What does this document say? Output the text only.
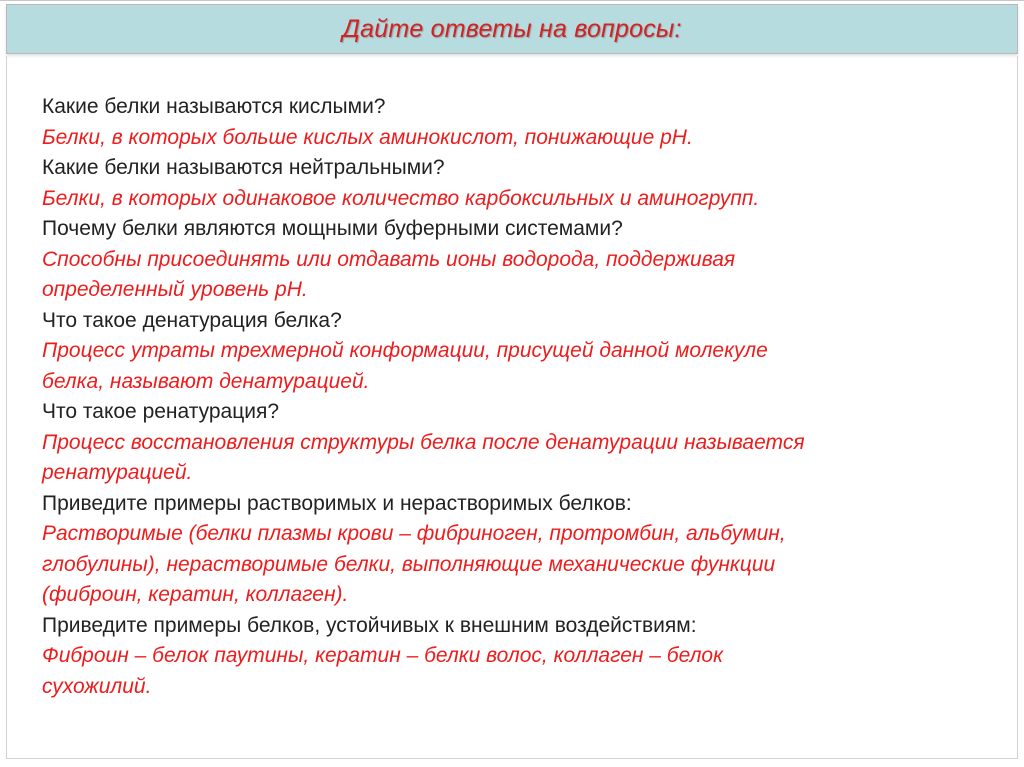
Дайте ответы на вопросы:

Какие белки называются кислыми?

Белки, в которых больше кислых аминокислот, понижающие рН.

Какие белки называются нейтральными?

Белки, в которых одинаковое количество карбоксильных и аминогрупп.

Почему белки являются мощными буферными системами?

Способны присоединять или отдавать ионы водорода, поддерживая

определенный уровень рН.

Что такое денатурация белка?

Процесс утраты трехмерной конформации, присущей данной молекуле

белка, называют денатурацией.

Что такое ренатурация?

Процесс восстановления структуры белка после денатурации называется

ренатурацией.

Приведите примеры растворимых и нерастворимых белков:

Растворимые (белки плазмы крови – фибриноген, протромбин, альбумин,

глобулины), нерастворимые белки, выполняющие механические функции

(фиброин, кератин, коллаген).

Приведите примеры белков, устойчивых к внешним воздействиям:

Фиброин – белок паутины, кератин – белки волос, коллаген – белок

сухожилий.
